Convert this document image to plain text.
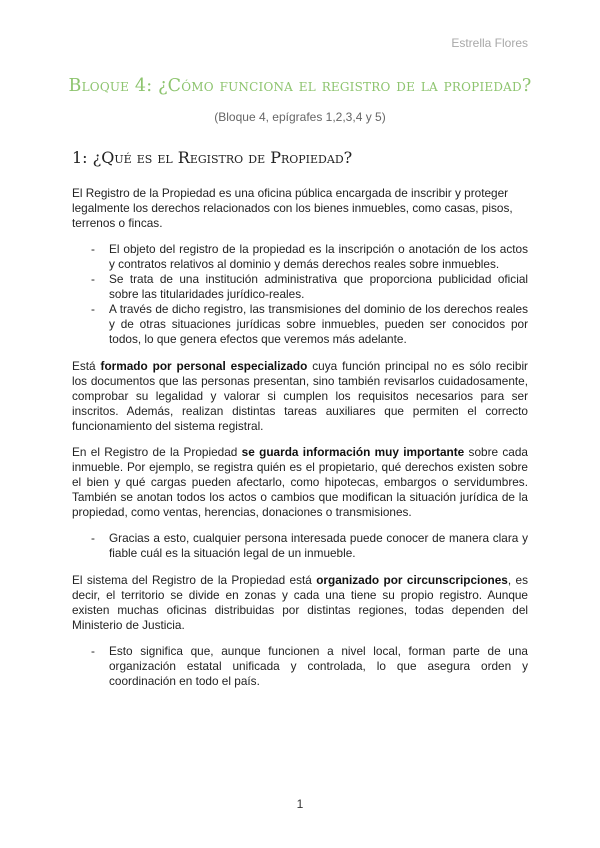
Estrella Flores
Bloque 4: ¿Cómo funciona el registro de la propiedad?
(Bloque 4, epígrafes 1,2,3,4 y 5)
1: ¿Qué es el Registro de Propiedad?

El Registro de la Propiedad es una oficina pública encargada de inscribir y proteger legalmente los derechos relacionados con los bienes inmuebles, como casas, pisos, terrenos o fincas.

- El objeto del registro de la propiedad es la inscripción o anotación de los actos y contratos relativos al dominio y demás derechos reales sobre inmuebles.
- Se trata de una institución administrativa que proporciona publicidad oficial sobre las titularidades jurídico-reales.
- A través de dicho registro, las transmisiones del dominio de los derechos reales y de otras situaciones jurídicas sobre inmuebles, pueden ser conocidos por todos, lo que genera efectos que veremos más adelante.

Está formado por personal especializado cuya función principal no es sólo recibir los documentos que las personas presentan, sino también revisarlos cuidadosamente, comprobar su legalidad y valorar si cumplen los requisitos necesarios para ser inscritos. Además, realizan distintas tareas auxiliares que permiten el correcto funcionamiento del sistema registral.

En el Registro de la Propiedad se guarda información muy importante sobre cada inmueble. Por ejemplo, se registra quién es el propietario, qué derechos existen sobre el bien y qué cargas pueden afectarlo, como hipotecas, embargos o servidumbres. También se anotan todos los actos o cambios que modifican la situación jurídica de la propiedad, como ventas, herencias, donaciones o transmisiones.

- Gracias a esto, cualquier persona interesada puede conocer de manera clara y fiable cuál es la situación legal de un inmueble.

El sistema del Registro de la Propiedad está organizado por circunscripciones, es decir, el territorio se divide en zonas y cada una tiene su propio registro. Aunque existen muchas oficinas distribuidas por distintas regiones, todas dependen del Ministerio de Justicia.

- Esto significa que, aunque funcionen a nivel local, forman parte de una organización estatal unificada y controlada, lo que asegura orden y coordinación en todo el país.
1
